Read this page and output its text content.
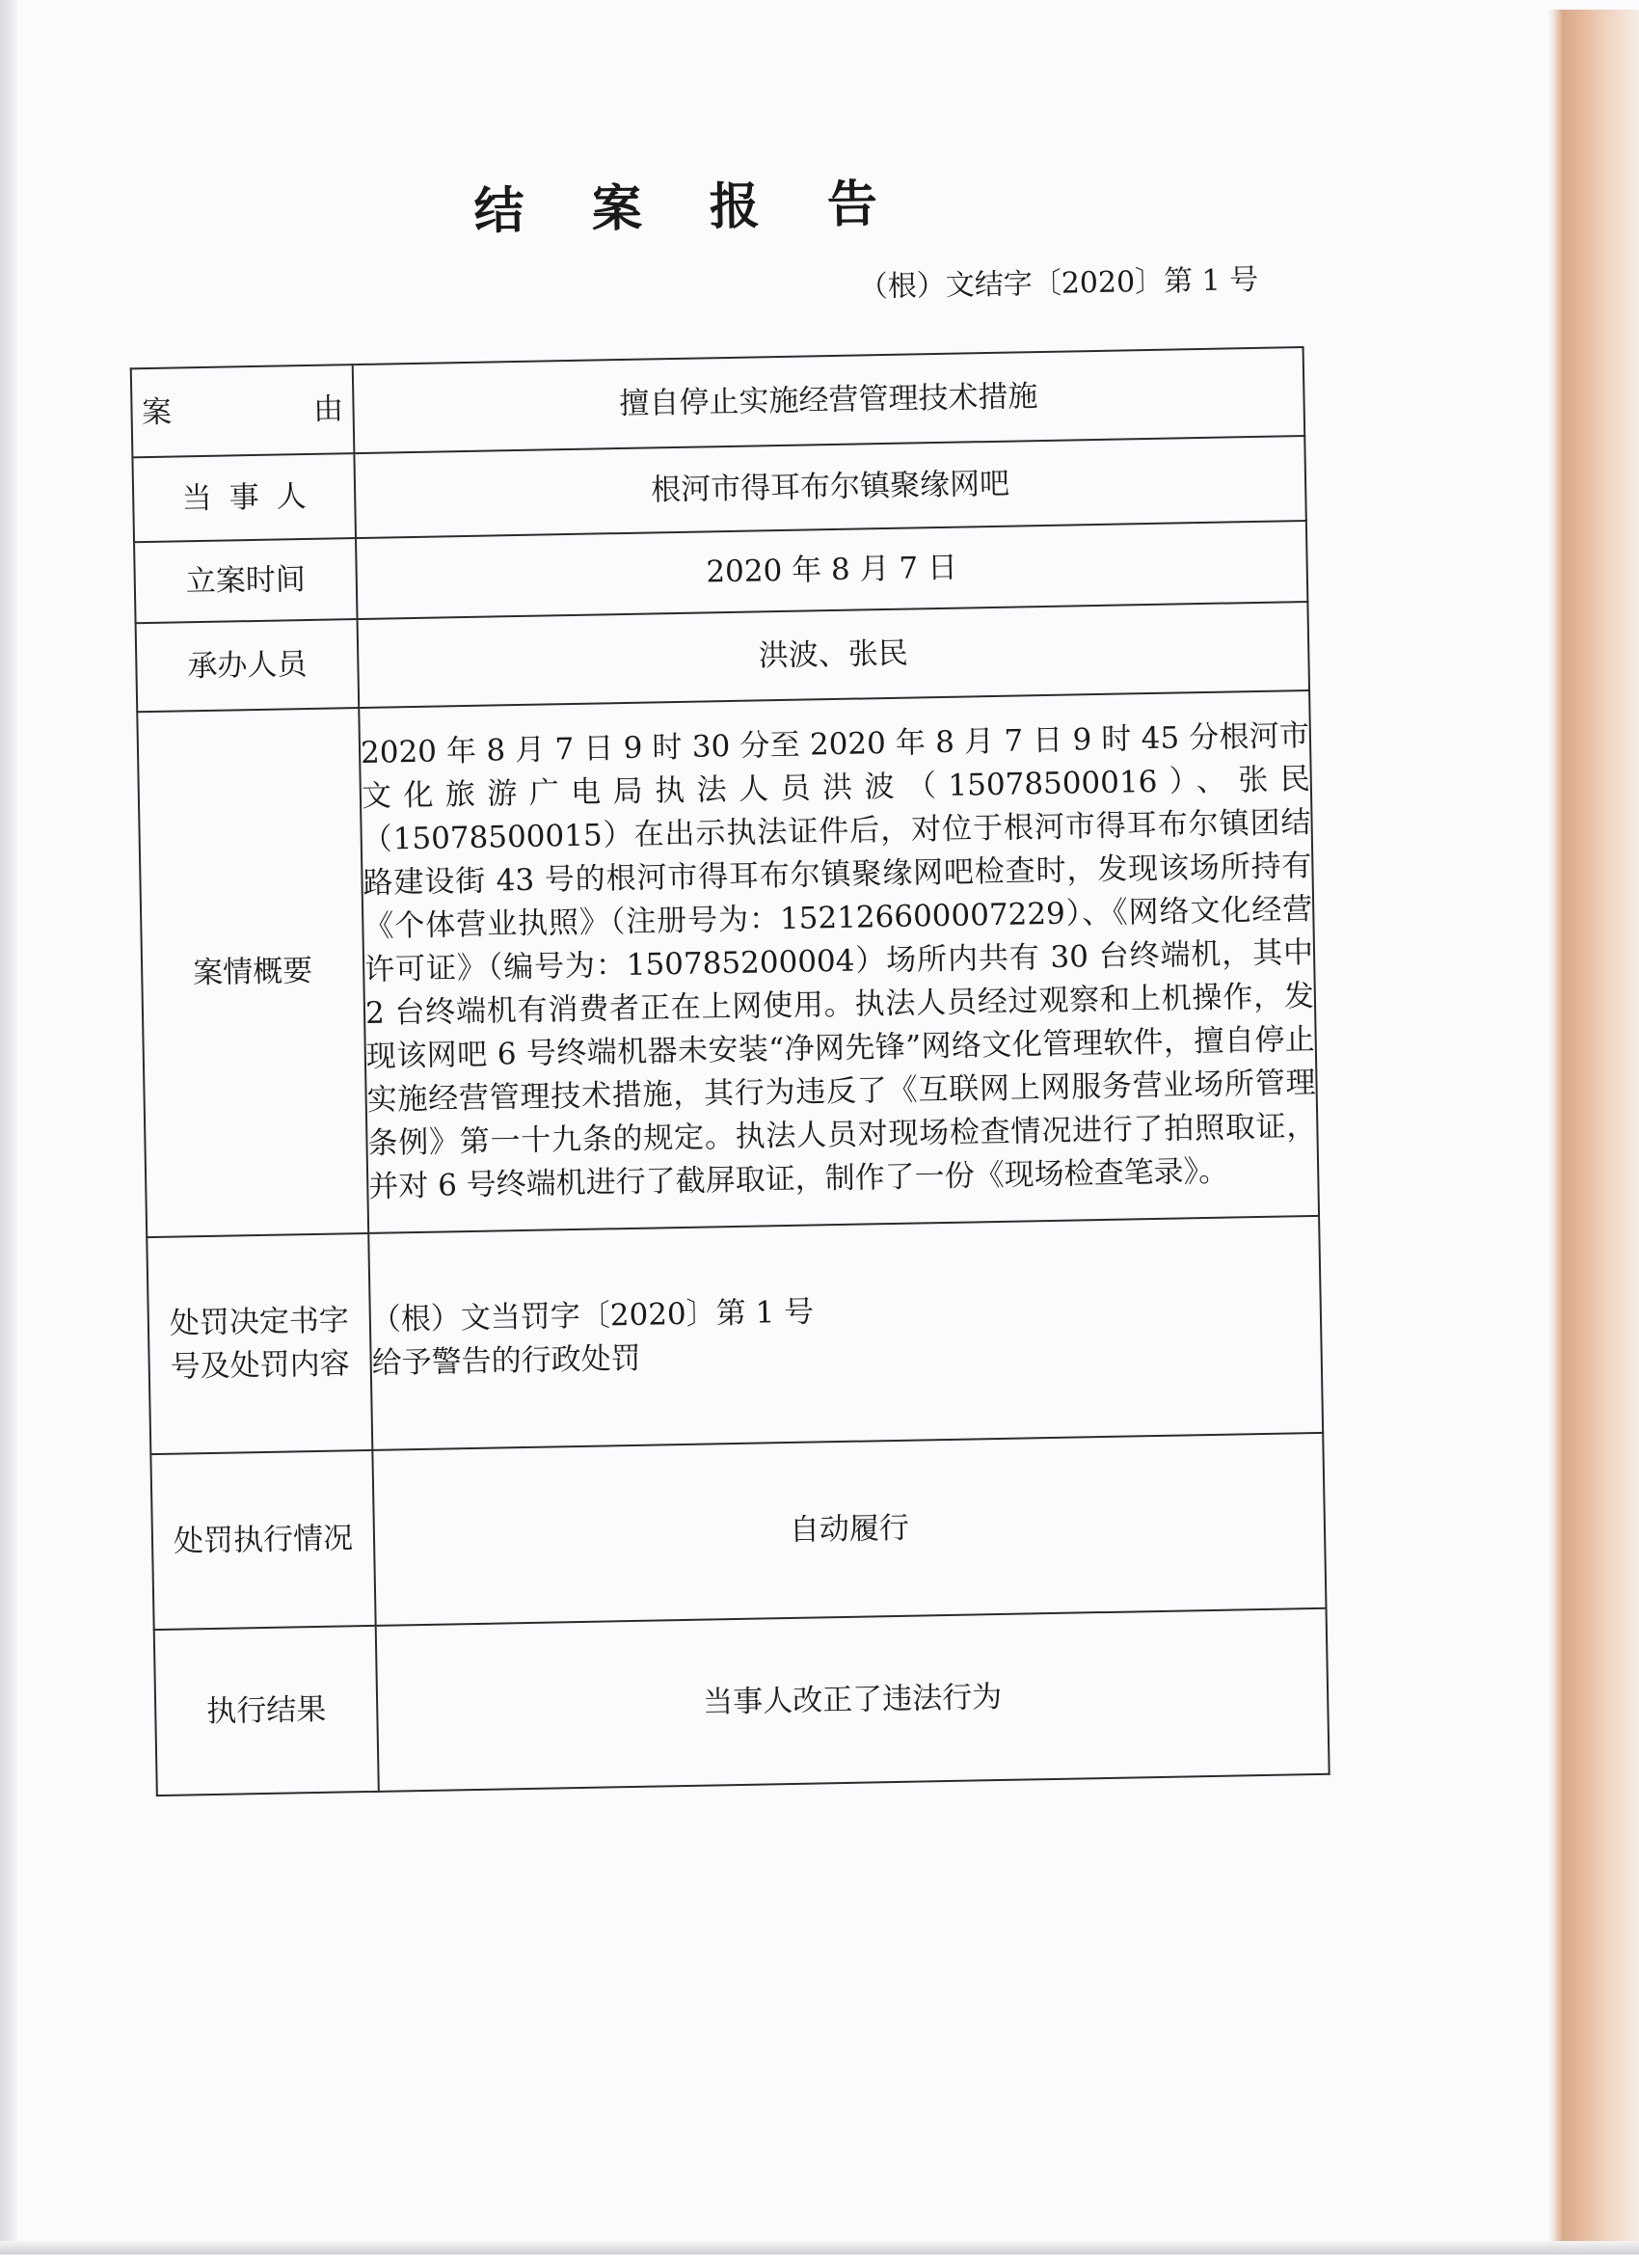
结 案 报 告
（根）文结字〔2020〕第 1 号
案　由	擅自停止实施经营管理技术措施
当事人	根河市得耳布尔镇聚缘网吧
立案时间	2020 年 8 月 7 日
承办人员	洪波、张民
案情概要	2020 年 8 月 7 日 9 时 30 分至 2020 年 8 月 7 日 9 时 45 分根河市文化旅游广电局执法人员洪波（15078500016）、张民（15078500015）在出示执法证件后，对位于根河市得耳布尔镇团结路建设街 43 号的根河市得耳布尔镇聚缘网吧检查时，发现该场所持有《个体营业执照》（注册号为：152126600007229）、《网络文化经营许可证》（编号为：150785200004）场所内共有 30 台终端机，其中 2 台终端机有消费者正在上网使用。执法人员经过观察和上机操作，发现该网吧 6 号终端机器未安装“净网先锋”网络文化管理软件，擅自停止实施经营管理技术措施，其行为违反了《互联网上网服务营业场所管理条例》第一十九条的规定。执法人员对现场检查情况进行了拍照取证，并对 6 号终端机进行了截屏取证，制作了一份《现场检查笔录》。

处罚决定书字
号及处罚内容	（根）文当罚字〔2020〕第 1 号
给予警告的行政处罚

处罚执行情况	自动履行
执行结果	当事人改正了违法行为
